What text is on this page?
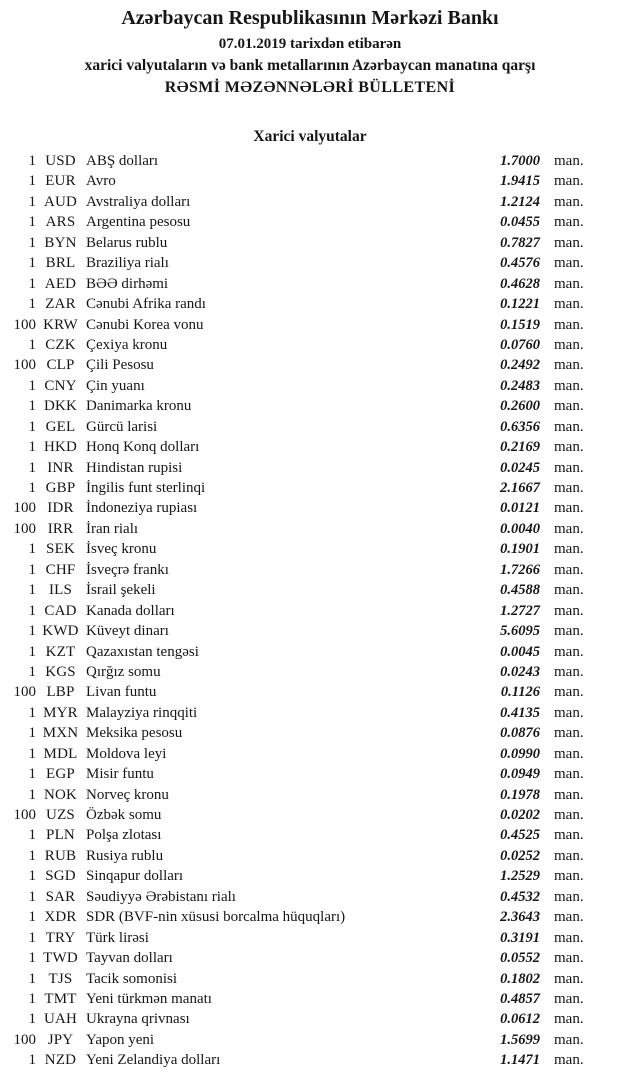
Azərbaycan Respublikasının Mərkəzi Bankı
07.01.2019 tarixdən etibarən
xarici valyutaların və bank metallarının Azərbaycan manatına qarşı
RƏSMİ MƏZƏNNƏLƏRİ BÜLLETENİ
Xarici valyutalar
1 USD ABŞ dolları	1.7000 man.
1 EUR Avro	1.9415 man.
1 AUD Avstraliya dolları	1.2124 man.
1 ARS Argentina pesosu	0.0455 man.
1 BYN Belarus rublu	0.7827 man.
1 BRL Braziliya rialı	0.4576 man.
1 AED BƏƏ dirhəmi	0.4628 man.
1 ZAR Cənubi Afrika randı	0.1221 man.
100 KRW Cənubi Korea vonu	0.1519 man.
1 CZK Çexiya kronu	0.0760 man.
100 CLP Çili Pesosu	0.2492 man.
1 CNY Çin yuanı	0.2483 man.
1 DKK Danimarka kronu	0.2600 man.
1 GEL Gürcü larisi	0.6356 man.
1 HKD Honq Konq dolları	0.2169 man.
1 INR Hindistan rupisi	0.0245 man.
1 GBP İngilis funt sterlinqi	2.1667 man.
100 IDR İndoneziya rupiası	0.0121 man.
100 IRR İran rialı	0.0040 man.
1 SEK İsveç kronu	0.1901 man.
1 CHF İsveçrə frankı	1.7266 man.
1 ILS İsrail şekeli	0.4588 man.
1 CAD Kanada dolları	1.2727 man.
1 KWD Küveyt dinarı	5.6095 man.
1 KZT Qazaxıstan tengəsi	0.0045 man.
1 KGS Qırğız somu	0.0243 man.
100 LBP Livan funtu	0.1126 man.
1 MYR Malayziya rinqqiti	0.4135 man.
1 MXN Meksika pesosu	0.0876 man.
1 MDL Moldova leyi	0.0990 man.
1 EGP Misir funtu	0.0949 man.
1 NOK Norveç kronu	0.1978 man.
100 UZS Özbək somu	0.0202 man.
1 PLN Polşa zlotası	0.4525 man.
1 RUB Rusiya rublu	0.0252 man.
1 SGD Sinqapur dolları	1.2529 man.
1 SAR Səudiyyə Ərəbistanı rialı	0.4532 man.
1 XDR SDR (BVF-nin xüsusi borcalma hüquqları)	2.3643 man.
1 TRY Türk lirəsi	0.3191 man.
1 TWD Tayvan dolları	0.0552 man.
1 TJS Tacik somonisi	0.1802 man.
1 TMT Yeni türkmən manatı	0.4857 man.
1 UAH Ukrayna qrivnası	0.0612 man.
100 JPY Yapon yeni	1.5699 man.
1 NZD Yeni Zelandiya dolları	1.1471 man.
